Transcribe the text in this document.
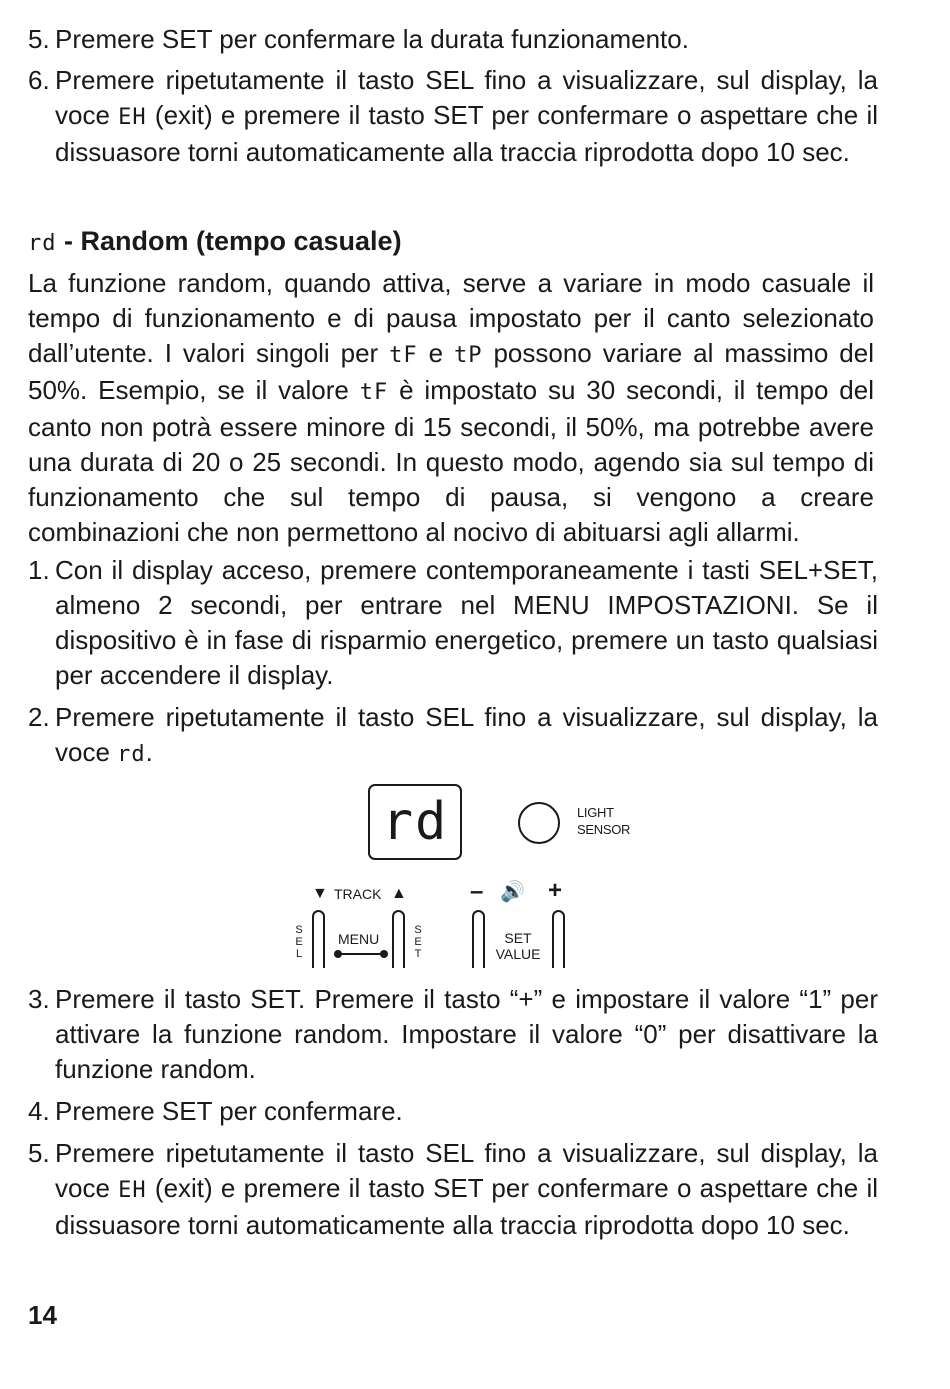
5. Premere SET per confermare la durata funzionamento.
6. Premere ripetutamente il tasto SEL fino a visualizzare, sul display, la voce EH (exit) e premere il tasto SET per confermare o aspettare che il dissuasore torni automaticamente alla traccia riprodotta dopo 10 sec.
rd - Random (tempo casuale)
La funzione random, quando attiva, serve a variare in modo casuale il tempo di funzionamento e di pausa impostato per il canto selezionato dall’utente. I valori singoli per tF e tP possono variare al massimo del 50%. Esempio, se il valore tF è impostato su 30 secondi, il tempo del canto non potrà essere minore di 15 secondi, il 50%, ma potrebbe avere una durata di 20 o 25 secondi. In questo modo, agendo sia sul tempo di funzionamento che sul tempo di pausa, si vengono a creare combinazioni che non permettono al nocivo di abituarsi agli allarmi.
1. Con il display acceso, premere contemporaneamente i tasti SEL+SET, almeno 2 secondi, per entrare nel MENU IMPOSTAZIONI. Se il dispositivo è in fase di risparmio energetico, premere un tasto qualsiasi per accendere il display.
2. Premere ripetutamente il tasto SEL fino a visualizzare, sul display, la voce rd.
rd	LIGHT
SENSOR
▼ TRACK ▲	– 🔊 +
SEL
MENU
SET
SET
VALUE
3. Premere il tasto SET. Premere il tasto “+” e impostare il valore “1” per attivare la funzione random. Impostare il valore “0” per disattivare la funzione random.
4. Premere SET per confermare.
5. Premere ripetutamente il tasto SEL fino a visualizzare, sul display, la voce EH (exit) e premere il tasto SET per confermare o aspettare che il dissuasore torni automaticamente alla traccia riprodotta dopo 10 sec.
14
